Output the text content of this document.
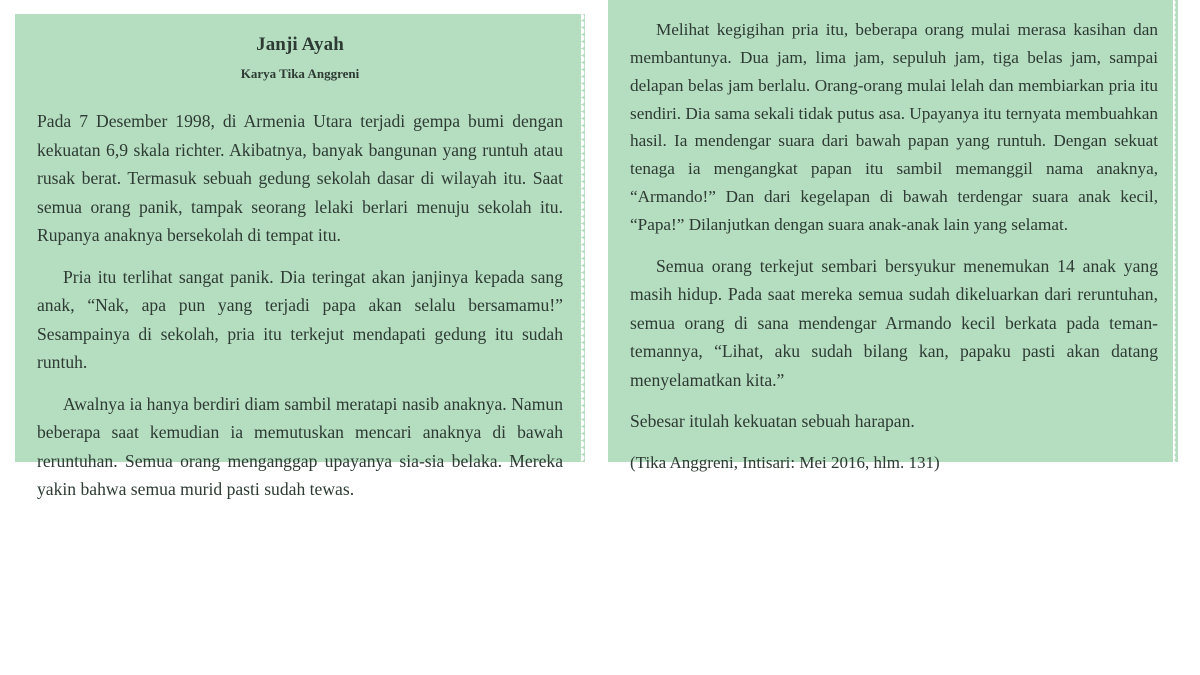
Janji Ayah
Karya Tika Anggreni

Pada 7 Desember 1998, di Armenia Utara terjadi gempa bumi dengan kekuatan 6,9 skala richter. Akibatnya, banyak bangunan yang runtuh atau rusak berat. Termasuk sebuah gedung sekolah dasar di wilayah itu. Saat semua orang panik, tampak seorang lelaki berlari menuju sekolah itu. Rupanya anaknya bersekolah di tempat itu.

Pria itu terlihat sangat panik. Dia teringat akan janjinya kepada sang anak, “Nak, apa pun yang terjadi papa akan selalu bersamamu!” Sesampainya di sekolah, pria itu terkejut mendapati gedung itu sudah runtuh.

Awalnya ia hanya berdiri diam sambil meratapi nasib anaknya. Namun beberapa saat kemudian ia memutuskan mencari anaknya di bawah reruntuhan. Semua orang menganggap upayanya sia-sia belaka. Mereka yakin bahwa semua murid pasti sudah tewas.

Melihat kegigihan pria itu, beberapa orang mulai merasa kasihan dan membantunya. Dua jam, lima jam, sepuluh jam, tiga belas jam, sampai delapan belas jam berlalu. Orang-orang mulai lelah dan membiarkan pria itu sendiri. Dia sama sekali tidak putus asa. Upayanya itu ternyata membuahkan hasil. Ia mendengar suara dari bawah papan yang runtuh. Dengan sekuat tenaga ia mengangkat papan itu sambil memanggil nama anaknya, “Armando!” Dan dari kegelapan di bawah terdengar suara anak kecil, “Papa!” Dilanjutkan dengan suara anak-anak lain yang selamat.

Semua orang terkejut sembari bersyukur menemukan 14 anak yang masih hidup. Pada saat mereka semua sudah dikeluarkan dari reruntuhan, semua orang di sana mendengar Armando kecil berkata pada teman-temannya, “Lihat, aku sudah bilang kan, papaku pasti akan datang menyelamatkan kita.”

Sebesar itulah kekuatan sebuah harapan.

(Tika Anggreni, Intisari: Mei 2016, hlm. 131)
